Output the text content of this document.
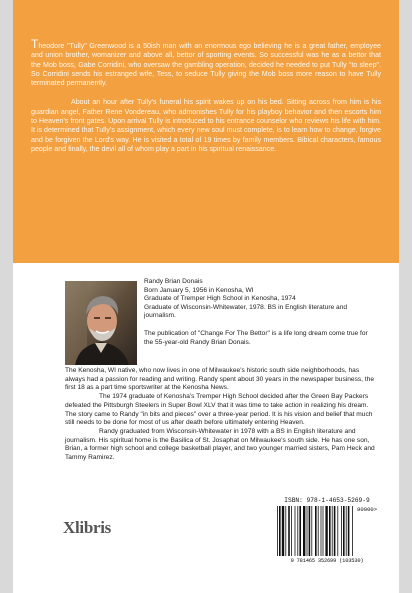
Theodore "Tully" Greenwood is a 50ish man with an enormous ego believing he is a great father, employee and union brother, womanizer and above all, bettor of sporting events. So successful was he as a bettor that the Mob boss, Gabe Corridini, who oversaw the gambling operation, decided he needed to put Tully "to sleep". So Corridini sends his estranged wife, Tess, to seduce Tully giving the Mob boss more reason to have Tully terminated permanently.

About an hour after Tully's funeral his spirit wakes up on his bed. Sitting across from him is his guardian angel, Father Rene Vondereau, who admonishes Tully for his playboy behavior and then escorts him to Heaven's front gates. Upon arrival Tully is introduced to his entrance counselor who reviews his life with him. It is determined that Tully's assignment, which every new soul must complete, is to learn how to change, forgive and be forgiven the Lord's way. He is visited a total of 19 times by family members. Bibical characters, famous people and finally, the devil all of whom play a part in his spiritual renaissance.

Randy Brian Donais
Born January 5, 1956 in Kenosha, WI
Graduate of Tremper High School in Kenosha, 1974
Graduate of Wisconsin-Whitewater, 1978. BS in English literature and journalism.
The publication of "Change For The Bettor" is a life long dream come true for the 55-year-old Randy Brian Donais.

The Kenosha, WI native, who now lives in one of Milwaukee's historic south side neighborhoods, has always had a passion for reading and writing. Randy spent about 30 years in the newspaper business, the first 18 as a part time sportswriter at the Kenosha News.

The 1974 graduate of Kenosha's Tremper High School decided after the Green Bay Packers defeated the Pittsburgh Steelers in Super Bowl XLV that it was time to take action in realizing his dream. The story came to Randy "in bits and pieces" over a three-year period. It is his vision and belief that much still needs to be done for most of us after death before ultimately entering Heaven.

Randy graduated from Wisconsin-Whitewater in 1978 with a BS in English literature and journalism. His spiritual home is the Basilica of St. Josaphat on Milwaukee's south side. He has one son, Brian, a former high school and college basketball player, and two younger married sisters, Pam Heck and Tammy Ramirez.

Xlibris
ISBN: 978-1-4653-5269-9
90000>
9 781465 352699 (103530)
